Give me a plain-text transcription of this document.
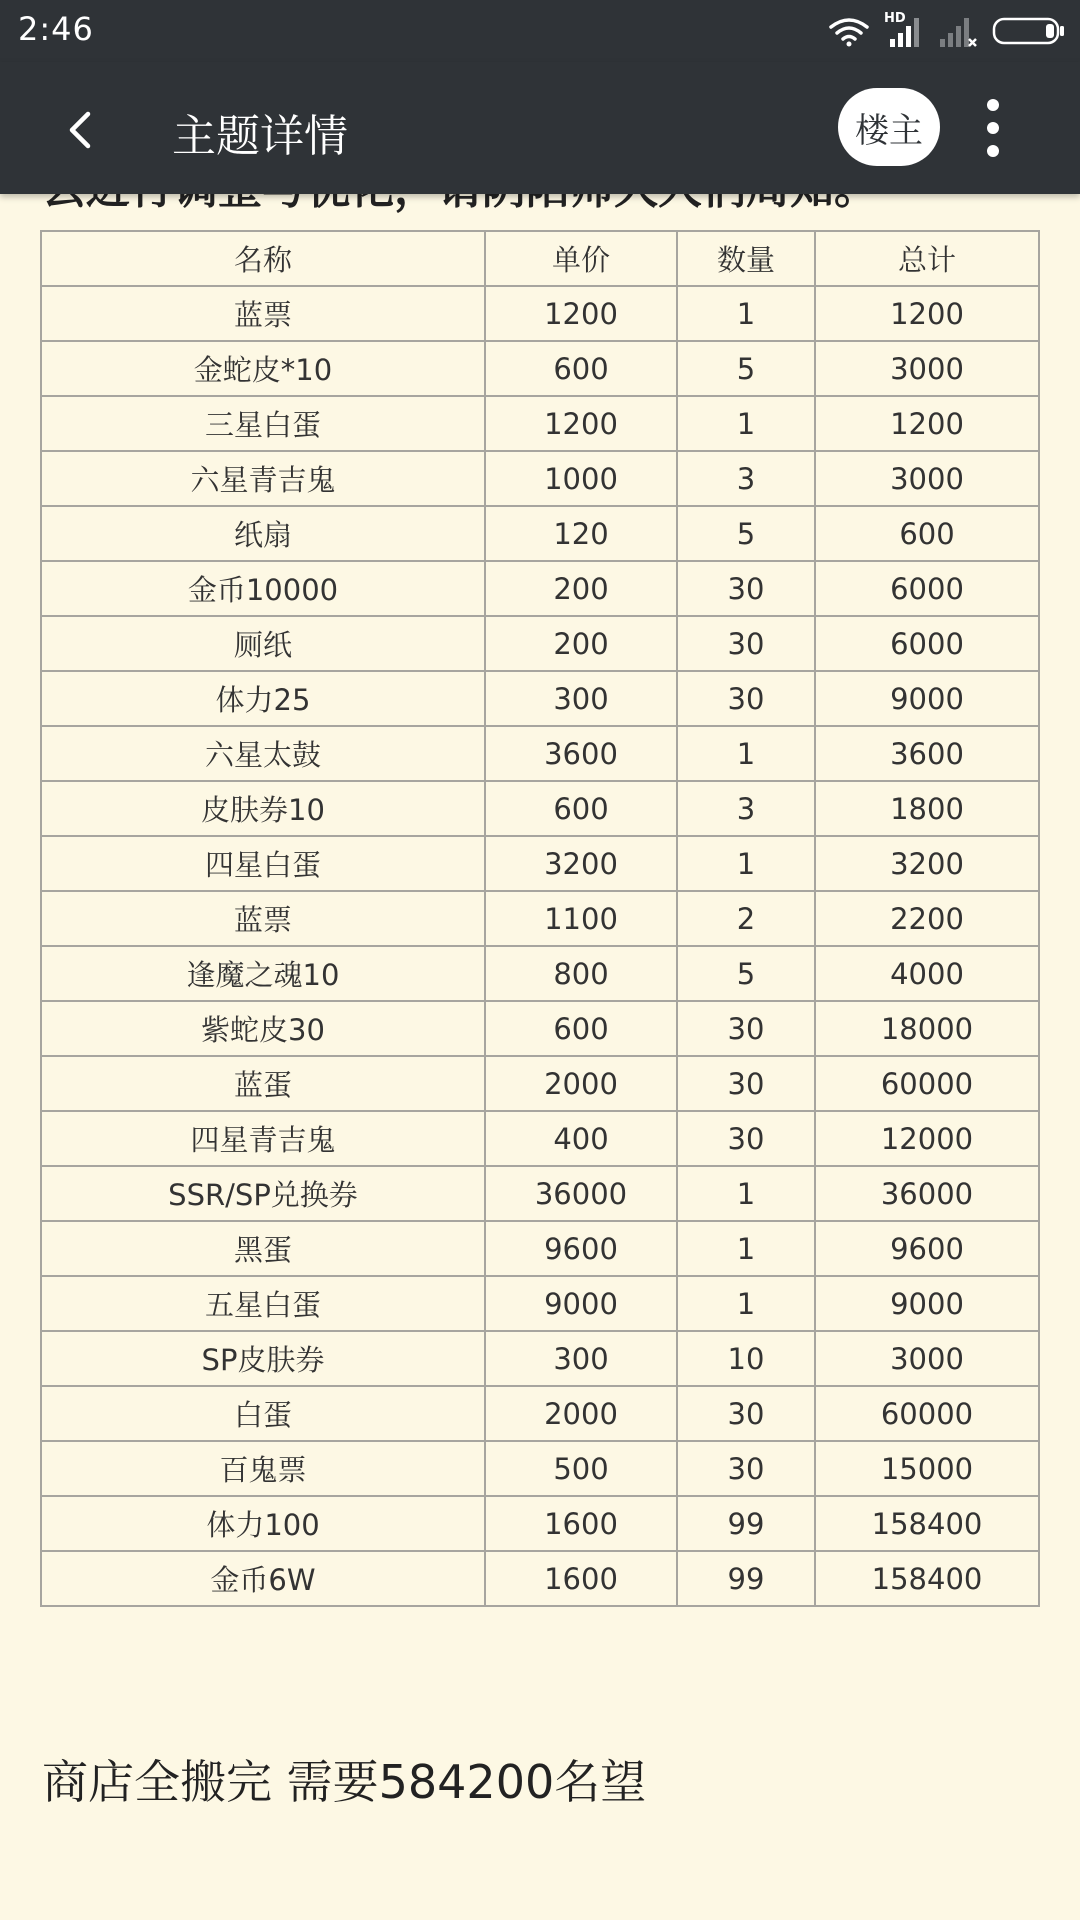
2:46	HD
主题详情	楼主
名称	单价	数量	总计
蓝票	1200	1	1200
金蛇皮*10	600	5	3000
三星白蛋	1200	1	1200
六星青吉鬼	1000	3	3000
纸扇	120	5	600
金币10000	200	30	6000
厕纸	200	30	6000
体力25	300	30	9000
六星太鼓	3600	1	3600
皮肤券10	600	3	1800
四星白蛋	3200	1	3200
蓝票	1100	2	2200
逢魔之魂10	800	5	4000
紫蛇皮30	600	30	18000
蓝蛋	2000	30	60000
四星青吉鬼	400	30	12000
SSR/SP兑换券	36000	1	36000
黑蛋	9600	1	9600
五星白蛋	9000	1	9000
SP皮肤券	300	10	3000
白蛋	2000	30	60000
百鬼票	500	30	15000
体力100	1600	99	158400
金币6W	1600	99	158400
商店全搬完 需要584200名望
